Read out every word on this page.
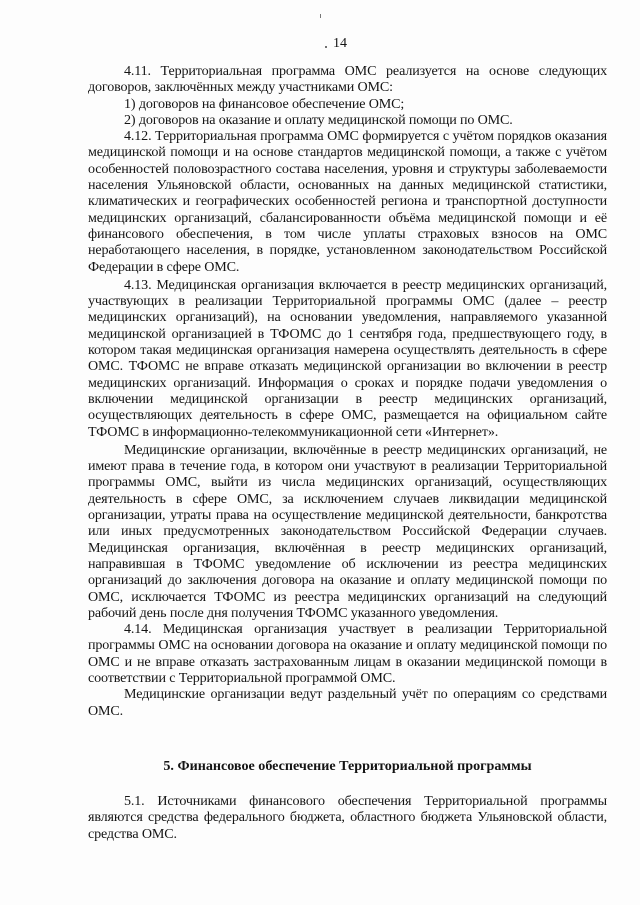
14

4.11. Территориальная программа ОМС реализуется на основе следующих договоров, заключённых между участниками ОМС:

1) договоров на финансовое обеспечение ОМС;

2) договоров на оказание и оплату медицинской помощи по ОМС.

4.12. Территориальная программа ОМС формируется с учётом порядков оказания медицинской помощи и на основе стандартов медицинской помощи, а также с учётом особенностей половозрастного состава населения, уровня и структуры заболеваемости населения Ульяновской области, основанных на данных медицинской статистики, климатических и географических особенностей региона и транспортной доступности медицинских организаций, сбалансированности объёма медицинской помощи и её финансового обеспечения, в том числе уплаты страховых взносов на ОМС неработающего населения, в порядке, установленном законодательством Российской Федерации в сфере ОМС.

4.13. Медицинская организация включается в реестр медицинских организаций, участвующих в реализации Территориальной программы ОМС (далее – реестр медицинских организаций), на основании уведомления, направляемого указанной медицинской организацией в ТФОМС до 1 сентября года, предшествующего году, в котором такая медицинская организация намерена осуществлять деятельность в сфере ОМС. ТФОМС не вправе отказать медицинской организации во включении в реестр медицинских организаций. Информация о сроках и порядке подачи уведомления о включении медицинской организации в реестр медицинских организаций, осуществляющих деятельность в сфере ОМС, размещается на официальном сайте ТФОМС в информационно-телекоммуникационной сети «Интернет».

Медицинские организации, включённые в реестр медицинских организаций, не имеют права в течение года, в котором они участвуют в реализации Территориальной программы ОМС, выйти из числа медицинских организаций, осуществляющих деятельность в сфере ОМС, за исключением случаев ликвидации медицинской организации, утраты права на осуществление медицинской деятельности, банкротства или иных предусмотренных законодательством Российской Федерации случаев. Медицинская организация, включённая в реестр медицинских организаций, направившая в ТФОМС уведомление об исключении из реестра медицинских организаций до заключения договора на оказание и оплату медицинской помощи по ОМС, исключается ТФОМС из реестра медицинских организаций на следующий рабочий день после дня получения ТФОМС указанного уведомления.

4.14. Медицинская организация участвует в реализации Территориальной программы ОМС на основании договора на оказание и оплату медицинской помощи по ОМС и не вправе отказать застрахованным лицам в оказании медицинской помощи в соответствии с Территориальной программой ОМС.

Медицинские организации ведут раздельный учёт по операциям со средствами ОМС.

5. Финансовое обеспечение Территориальной программы

5.1. Источниками финансового обеспечения Территориальной программы являются средства федерального бюджета, областного бюджета Ульяновской области, средства ОМС.
